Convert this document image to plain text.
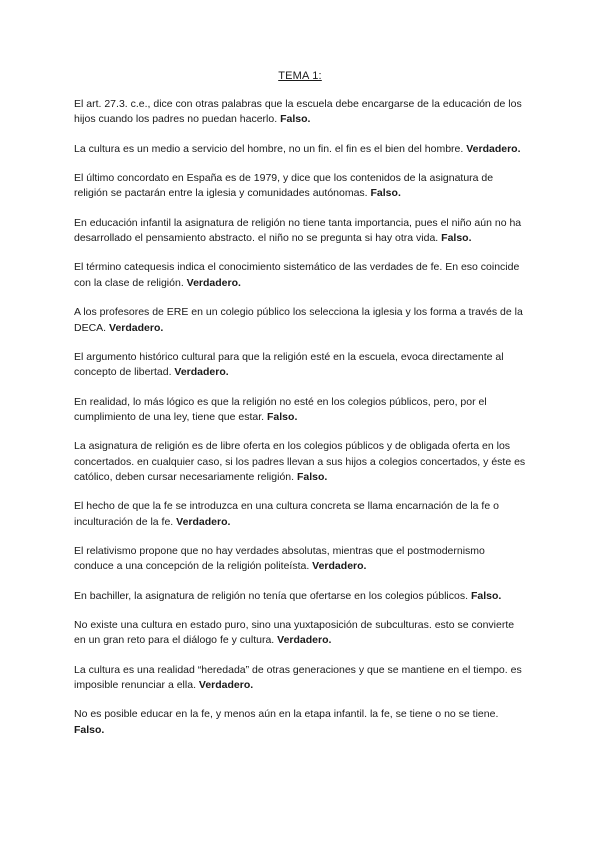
TEMA 1:

El art. 27.3. c.e., dice con otras palabras que la escuela debe encargarse de la educación de los hijos cuando los padres no puedan hacerlo. Falso.

La cultura es un medio a servicio del hombre, no un fin. el fin es el bien del hombre. Verdadero.

El último concordato en España es de 1979, y dice que los contenidos de la asignatura de religión se pactarán entre la iglesia y comunidades autónomas. Falso.

En educación infantil la asignatura de religión no tiene tanta importancia, pues el niño aún no ha desarrollado el pensamiento abstracto. el niño no se pregunta si hay otra vida. Falso.

El término catequesis indica el conocimiento sistemático de las verdades de fe. En eso coincide con la clase de religión. Verdadero.

A los profesores de ERE en un colegio público los selecciona la iglesia y los forma a través de la DECA. Verdadero.

El argumento histórico cultural para que la religión esté en la escuela, evoca directamente al concepto de libertad. Verdadero.

En realidad, lo más lógico es que la religión no esté en los colegios públicos, pero, por el cumplimiento de una ley, tiene que estar. Falso.

La asignatura de religión es de libre oferta en los colegios públicos y de obligada oferta en los concertados. en cualquier caso, si los padres llevan a sus hijos a colegios concertados, y éste es católico, deben cursar necesariamente religión. Falso.

El hecho de que la fe se introduzca en una cultura concreta se llama encarnación de la fe o inculturación de la fe. Verdadero.

El relativismo propone que no hay verdades absolutas, mientras que el postmodernismo conduce a una concepción de la religión politeísta. Verdadero.

En bachiller, la asignatura de religión no tenía que ofertarse en los colegios públicos. Falso.

No existe una cultura en estado puro, sino una yuxtaposición de subculturas. esto se convierte en un gran reto para el diálogo fe y cultura. Verdadero.

La cultura es una realidad “heredada” de otras generaciones y que se mantiene en el tiempo. es imposible renunciar a ella. Verdadero.

No es posible educar en la fe, y menos aún en la etapa infantil. la fe, se tiene o no se tiene. Falso.
